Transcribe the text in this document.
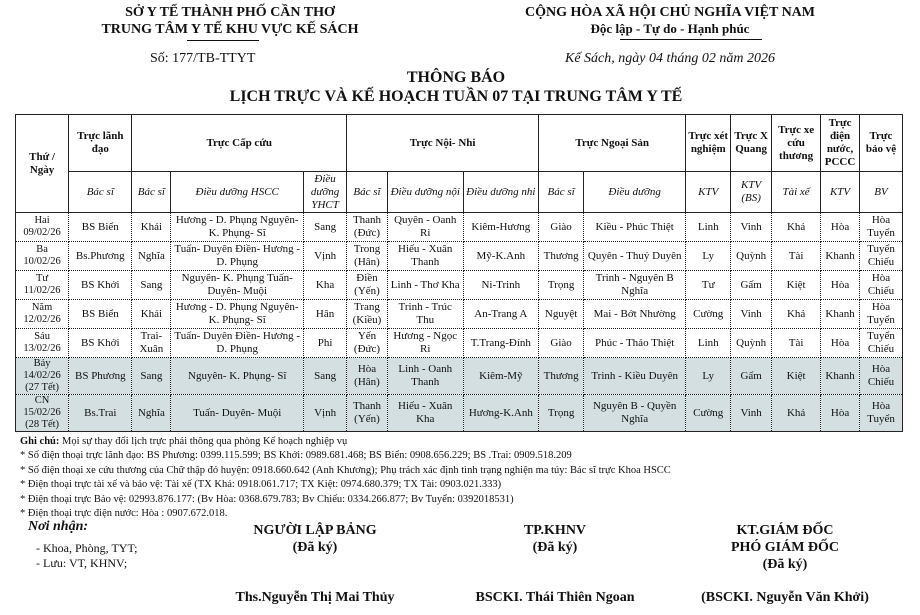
SỞ Y TẾ THÀNH PHỐ CẦN THƠ
TRUNG TÂM Y TẾ KHU VỰC KẾ SÁCH
Số: 177/TB-TTYT
CỘNG HÒA XÃ HỘI CHỦ NGHĨA VIỆT NAM
Độc lập - Tự do - Hạnh phúc
Kế Sách, ngày 04 tháng 02 năm 2026
THÔNG BÁO
LỊCH TRỰC VÀ KẾ HOẠCH TUẦN 07 TẠI TRUNG TÂM Y TẾ
Thứ / Ngày	Trực lãnh đạo	Trực Cấp cứu			Trực Nội- Nhi			Trực Ngoại Sản		Trực xét nghiệm	Trực X Quang	Trực xe cứu thương	Trực điện nước, PCCC	Trực bảo vệ
	Bác sĩ	Bác sĩ	Điều dưỡng HSCC	Điều dưỡng YHCT	Bác sĩ	Điều dưỡng nội	Điều dưỡng nhi	Bác sĩ	Điều dưỡng	KTV	KTV (BS)	Tài xế	KTV	BV

Hai
09/02/26	BS Biển	Khải	Hương - D. Phụng Nguyên- K. Phụng- Sĩ	Sang	Thanh (Đức)	Quyên - Oanh Ri	Kiêm-Hương	Giào	Kiều - Phúc Thiệt	Linh	Vinh	Khả	Hòa	Hòa Tuyển

Ba
10/02/26	Bs.Phương	Nghĩa	Tuấn- Duyên Điền- Hương - D. Phụng	Vịnh	Trong (Hân)	Hiếu - Xuân Thanh	Mỹ-K.Anh	Thương	Quyên - Thuỷ Duyên	Ly	Quỳnh	Tài	Khanh	Tuyển Chiếu

Tư
11/02/26	BS Khởi	Sang	Nguyên- K. Phụng Tuấn- Duyên- Muội	Kha	Điền (Yến)	Linh - Thơ Kha	Ni-Trinh	Trọng	Trinh - Nguyên B Nghĩa	Tư	Gấm	Kiệt	Hòa	Hòa Chiếu

Năm
12/02/26	BS Biển	Khải	Hương - D. Phụng Nguyên- K. Phụng- Sĩ	Hân	Trang (Kiều)	Trinh - Trúc Thu	An-Trang A	Nguyệt	Mai - Bớt Nhường	Cường	Vinh	Khả	Khanh	Hòa Tuyển

Sáu
13/02/26	BS Khởi	Trai- Xuân	Tuấn- Duyên Điền- Hương - D. Phụng	Phi	Yến (Đức)	Hương - Ngọc Ri	T.Trang-Đính	Giào	Phúc - Thảo Thiệt	Linh	Quỳnh	Tài	Hòa	Tuyển Chiếu

Bảy
14/02/26
(27 Tết)	BS Phương	Sang	Nguyên- K. Phụng- Sĩ	Sang	Hòa (Hân)	Linh - Oanh Thanh	Kiêm-Mỹ	Thương	Trinh - Kiều Duyên	Ly	Gấm	Kiệt	Khanh	Hòa Chiếu

CN
15/02/26
(28 Tết)	Bs.Trai	Nghĩa	Tuấn- Duyên- Muội	Vịnh	Thanh (Yến)	Hiếu - Xuân Kha	Hương-K.Anh	Trọng	Nguyên B - Quyền Nghĩa	Cường	Vinh	Khả	Hòa	Hòa Tuyển
Ghi chú: Mọi sự thay đổi lịch trực phải thông qua phòng Kế hoạch nghiệp vụ
* Số điện thoại trực lãnh đạo: BS Phương: 0399.115.599; BS Khởi: 0989.681.468; BS Biển: 0908.656.229; BS .Trai: 0909.518.209
* Số điện thoại xe cứu thương của Chữ thập đỏ huyện: 0918.660.642 (Anh Khương); Phụ trách xác định tình trạng nghiện ma túy: Bác sĩ trực Khoa HSCC
* Điện thoại trực tài xế và bảo vệ: Tài xế (TX Khả: 0918.061.717; TX Kiệt: 0974.680.379; TX Tài: 0903.021.333)
* Điện thoại trực Bảo vệ: 02993.876.177: (Bv Hòa: 0368.679.783; Bv Chiếu: 0334.266.877; Bv Tuyển: 0392018531)
* Điện thoại trực điện nước: Hòa : 0907.672.018.
Nơi nhận:
- Khoa, Phòng, TYT;
- Lưu: VT, KHNV;
NGƯỜI LẬP BẢNG
(Đã ký)
Ths.Nguyễn Thị Mai Thủy
TP.KHNV
(Đã ký)
BSCKI. Thái Thiên Ngoan
KT.GIÁM ĐỐC
PHÓ GIÁM ĐỐC
(Đã ký)
(BSCKI. Nguyễn Văn Khởi)
